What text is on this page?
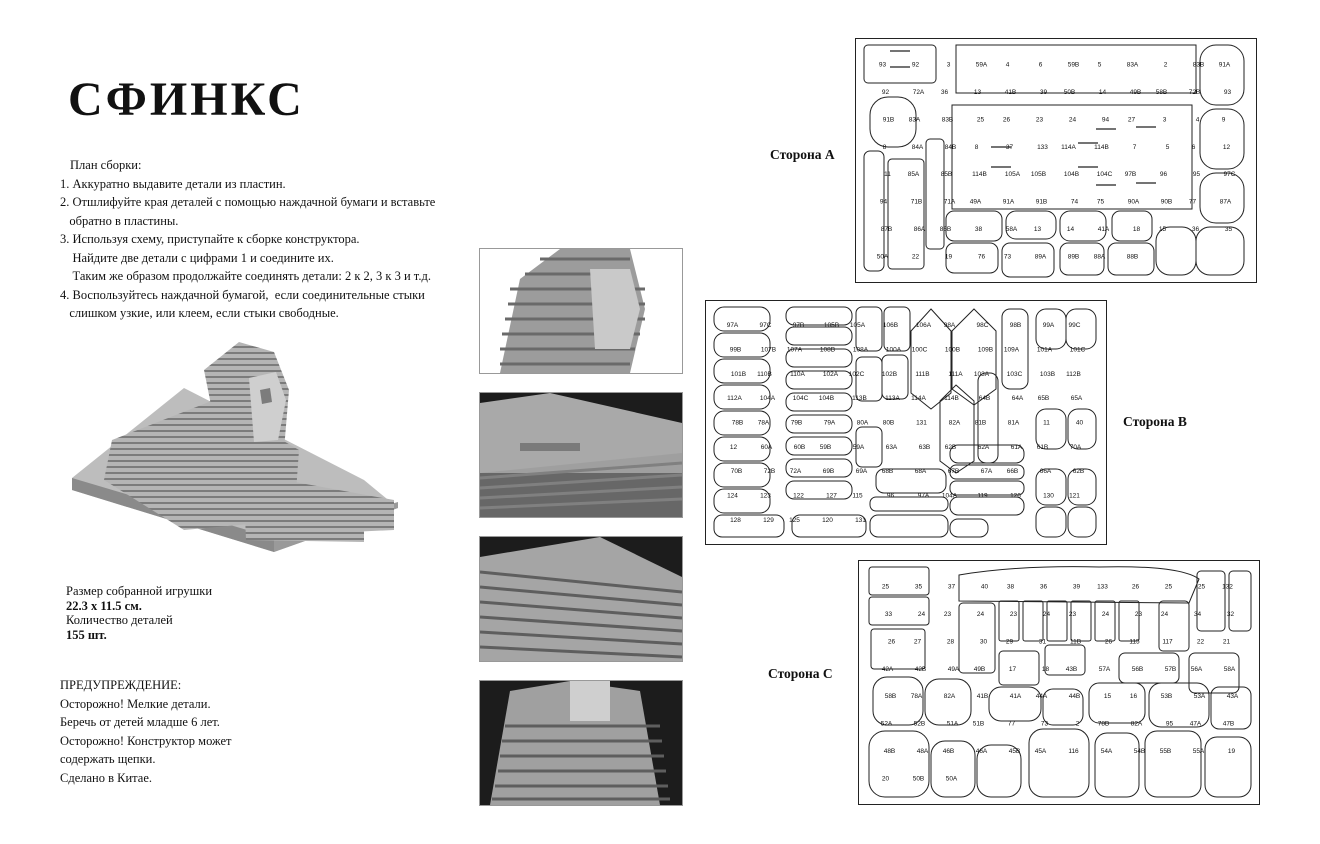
СФИНКС
План сборки:
1. Аккуратно выдавите детали из пластин.
2. Отшлифуйте края деталей с помощью наждачной бумаги и вставьте
обратно в пластины.
3. Используя схему, приступайте к сборке конструктора.
Найдите две детали с цифрами 1 и соедините их.
Таким же образом продолжайте соединять детали: 2 к 2, 3 к 3 и т.д.
4. Воспользуйтесь наждачной бумагой,  если соединительные стыки
слишком узкие, или клеем, если стыки свободные.
Размер собранной игрушки
22.3 x 11.5 см.
Количество деталей
155 шт.
ПРЕДУПРЕЖДЕНИЕ:
Осторожно! Мелкие детали.
Беречь от детей младше 6 лет.
Осторожно! Конструктор может
содержать щепки.
Сделано в Китае.
Сторона А
Сторона В
Сторона С
93	92	3	59A	4	6	59B	5	83A	2	83B 91A
92	72A	36	13	41B	39	50B	14	49B 58B	72B	93
91B 83A	83B	25	26	23	24	94	27	3	4	9
8	84A	84B	8	37	133 114A	114B	7	5	6	12
11	85A	85B	114B	105A 105B	104B	104C 97B	96	95	97C
94	71B	71A 49A	91A	91B	74	75	90A	90B	77	87A
87B	86A 86B	38	58A	13	14	41A	18	15	36	35
50A	22	19	76	73	89A	89B 88A	88B
97A	97C	97B	105B 105A	106B	106A 98A	98C	98B	99A 99C
99B	107B 107A	108B	108A	100A 100C	100B	109B 109A	101A	101C
101B 110B	110A	102A 102C	102B	111B	111A 103A	103C	103B 112B
112A	104A	104C 104B	113B	113A 114A	114B	64B	64A 65B	65A
78B 78A	79B	79A	80A 80B	131	82A 81B	81A	11	40
12	60A	60B 59B	59A	63A	63B 62B	62A	61A 61B	70A
70B	72B 72A	69B	69A 68B	68A	67B	67A 66B	66A	62B
124	123	122	127 115	96	97A 104A	119	126	130 121
128	129 125	120	131
25	35	37	40	38	36	39	133	26	25	25	132
33	24	23	24	23	24	23	24	23	24	34	32
26	27	28	30	29	31	11B	26	115	117	22	21
42A	42B	49A 49B	17	18	43B	57A	56B	57B 56A	58A
58B 78A	82A	41B	41A 44A	44B	15	16	53B	53A	43A
52A	52B	51A 51B	77	73	2	78B	82A	95	47A	47B
48B	48A 46B	46A	45B 45A	116	54A	54B 55B	55A	19
20	50B	50A
